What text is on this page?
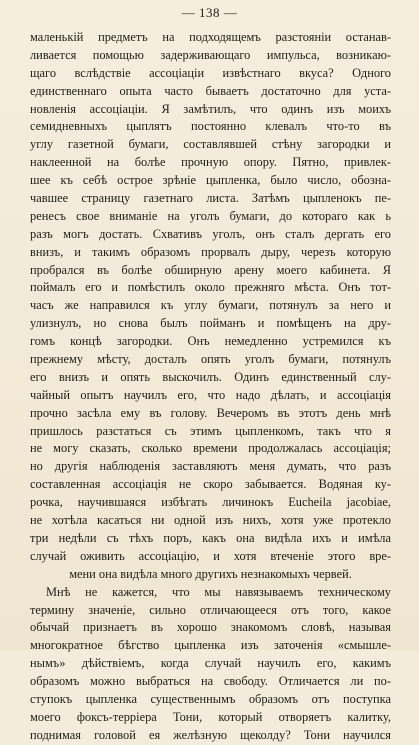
— 138 —
маленькій предметъ на подходящемъ разстояніи останав-
ливается помощью задерживающаго импульса, возникаю-
щаго вслѣдствіе ассоціаціи извѣстнаго вкуса? Одного
единственнаго опыта часто бываетъ достаточно для уста-
новленія ассоціаціи. Я замѣтилъ, что одинъ изъ моихъ
семидневныхъ цыплятъ постоянно клевалъ что-то въ
углу газетной бумаги, составлявшей стѣну загородки и
наклеенной на болѣе прочную опору. Пятно, привлек-
шее къ себѣ острое зрѣніе цыпленка, было число, обозна-
чавшее страницу газетнаго листа. Затѣмъ цыпленокъ пе-
ренесъ свое вниманіе на уголъ бумаги, до котораго как ь
разъ могъ достать. Схвативъ уголъ, онъ сталъ дергать его
внизъ, и такимъ образомъ прорвалъ дыру, черезъ которую
пробрался въ болѣе обширную арену моего кабинета. Я
поймалъ его и помѣстилъ около прежняго мѣста. Онъ тот-
часъ же направился къ углу бумаги, потянулъ за него и
улизнулъ, но снова былъ пойманъ и помѣщенъ на дру-
гомъ концѣ загородки. Онъ немедленно устремился къ
прежнему мѣсту, досталъ опять уголъ бумаги, потянулъ
его внизъ и опять выскочилъ. Одинъ единственный слу-
чайный опытъ научилъ его, что надо дѣлать, и ассоціація
прочно засѣла ему въ голову. Вечеромъ въ этотъ день мнѣ
пришлось разстаться съ этимъ цыпленкомъ, такъ что я
не могу сказать, сколько времени продолжалась ассоціація;
но другія наблюденія заставляютъ меня думать, что разъ
составленная ассоціація не скоро забывается. Водяная ку-
рочка, научившаяся избѣгать личинокъ Eucheila jacobiae,
не хотѣла касаться ни одной изъ нихъ, хотя уже протекло
три недѣли съ тѣхъ поръ, какъ она видѣла ихъ и имѣла
случай оживить ассоціацію, и хотя втеченіе этого вре-
мени она видѣла много другихъ незнакомыхъ червей.
Мнѣ не кажется, что мы навязываемъ техническому
термину значеніе, сильно отличающееся отъ того, какое
обычай признаетъ въ хорошо знакомомъ словѣ, называя
многократное бѣгство цыпленка изъ заточенія «смышле-
нымъ» дѣйствіемъ, когда случай научилъ его, какимъ
образомъ можно выбраться на свободу. Отличается ли по-
ступокъ цыпленка существеннымъ образомъ отъ поступка
моего фоксъ-терріера Тони, который отворяетъ калитку,
поднимая головой ея желѣзную щеколду? Тони научился
